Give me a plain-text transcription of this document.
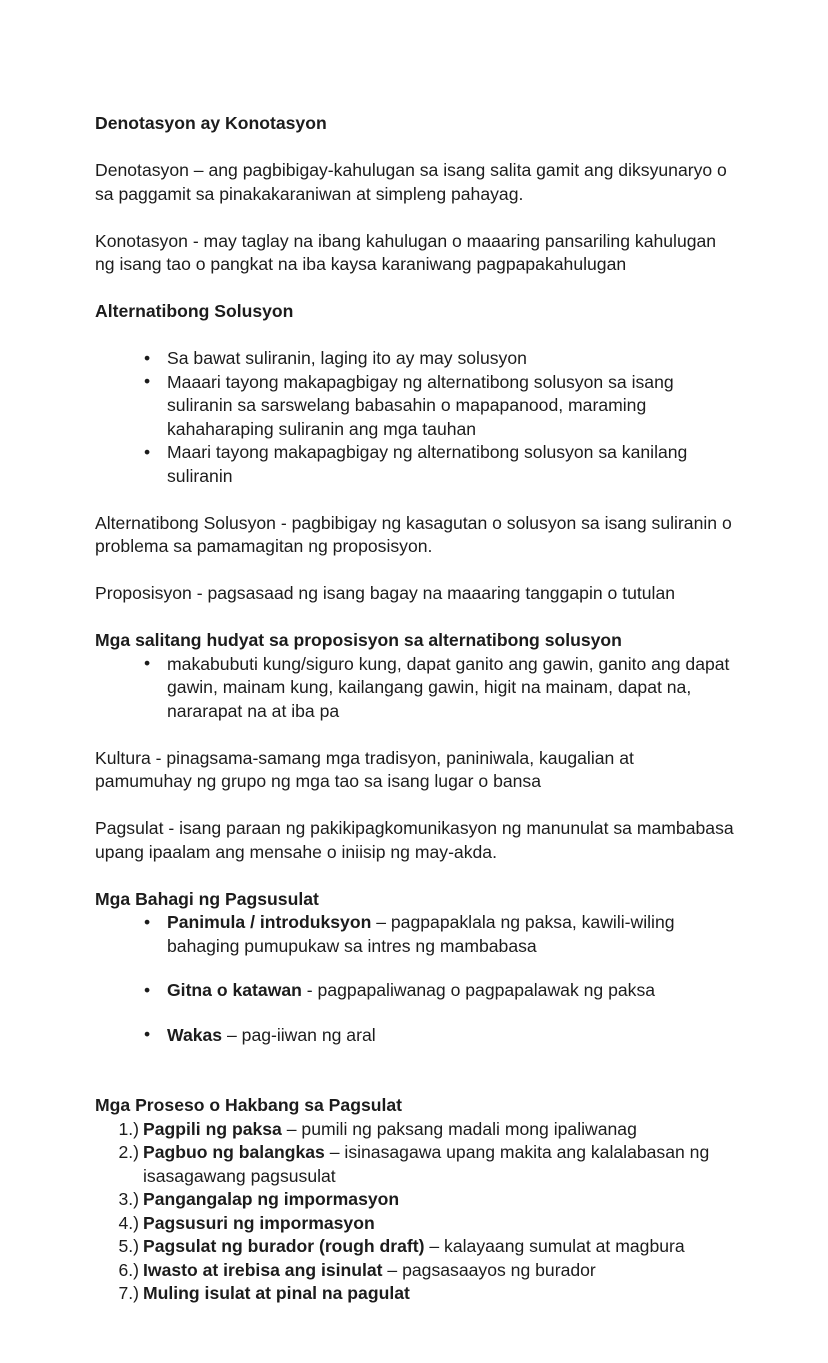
Denotasyon ay Konotasyon

Denotasyon – ang pagbibigay-kahulugan sa isang salita gamit ang diksyunaryo o sa paggamit sa pinakakaraniwan at simpleng pahayag.

Konotasyon - may taglay na ibang kahulugan o maaaring pansariling kahulugan ng isang tao o pangkat na iba kaysa karaniwang pagpapakahulugan

Alternatibong Solusyon
• Sa bawat suliranin, laging ito ay may solusyon
• Maaari tayong makapagbigay ng alternatibong solusyon sa isang suliranin sa sarswelang babasahin o mapapanood, maraming kahaharaping suliranin ang mga tauhan
• Maari tayong makapagbigay ng alternatibong solusyon sa kanilang suliranin

Alternatibong Solusyon - pagbibigay ng kasagutan o solusyon sa isang suliranin o problema sa pamamagitan ng proposisyon.

Proposisyon - pagsasaad ng isang bagay na maaaring tanggapin o tutulan

Mga salitang hudyat sa proposisyon sa alternatibong solusyon
• makabubuti kung/siguro kung, dapat ganito ang gawin, ganito ang dapat gawin, mainam kung, kailangang gawin, higit na mainam, dapat na, nararapat na at iba pa

Kultura - pinagsama-samang mga tradisyon, paniniwala, kaugalian at pamumuhay ng grupo ng mga tao sa isang lugar o bansa

Pagsulat - isang paraan ng pakikipagkomunikasyon ng manunulat sa mambabasa upang ipaalam ang mensahe o iniisip ng may-akda.

Mga Bahagi ng Pagsusulat
• Panimula / introduksyon – pagpapaklala ng paksa, kawili-wiling bahaging pumupukaw sa intres ng mambabasa
• Gitna o katawan - pagpapaliwanag o pagpapalawak ng paksa
• Wakas – pag-iiwan ng aral
Mga Proseso o Hakbang sa Pagsulat
1.) Pagpili ng paksa – pumili ng paksang madali mong ipaliwanag
2.) Pagbuo ng balangkas – isinasagawa upang makita ang kalalabasan ng isasagawang pagsusulat
3.) Pangangalap ng impormasyon
4.) Pagsusuri ng impormasyon
5.) Pagsulat ng burador (rough draft) – kalayaang sumulat at magbura
6.) Iwasto at irebisa ang isinulat – pagsasaayos ng burador
7.) Muling isulat at pinal na pagulat
